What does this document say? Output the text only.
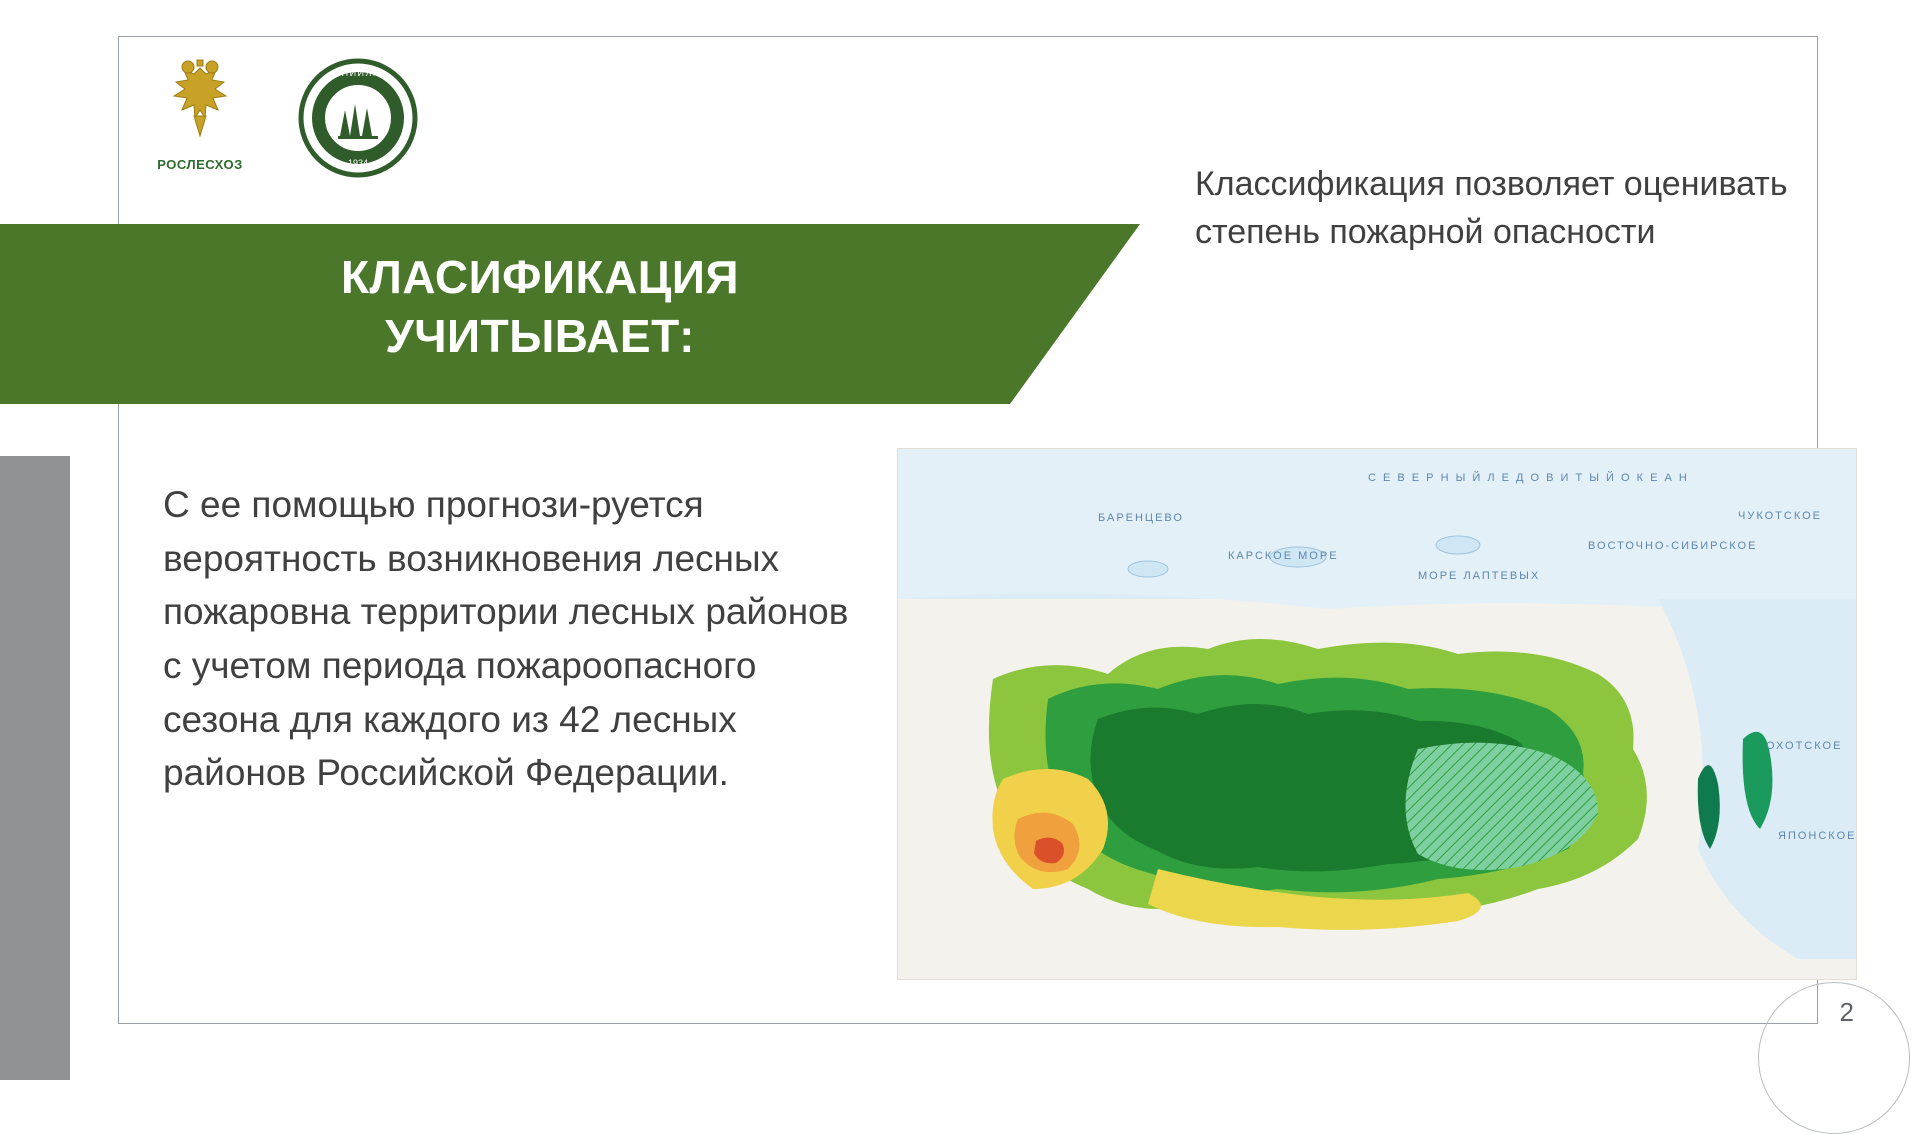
РОСЛЕСХОЗ
ВНИИЛМ
1934
КЛАСИФИКАЦИЯ УЧИТЫВАЕТ:
Классификация позволяет оценивать степень пожарной опасности
С ее помощью прогнози-руется вероятность возникновения лесных пожаровна территории лесных районов с учетом периода пожароопасного сезона для каждого из 42 лесных районов Российской Федерации.
С Е В Е Р Н Ы Й Л Е Д О В И Т Ы Й О К Е А Н
БАРЕНЦЕВО
КАРСКОЕ МОРЕ
МОРЕ ЛАПТЕВЫХ
ВОСТОЧНО-СИБИРСКОЕ
ЧУКОТСКОЕ
ОХОТСКОЕ
ЯПОНСКОЕ
2
